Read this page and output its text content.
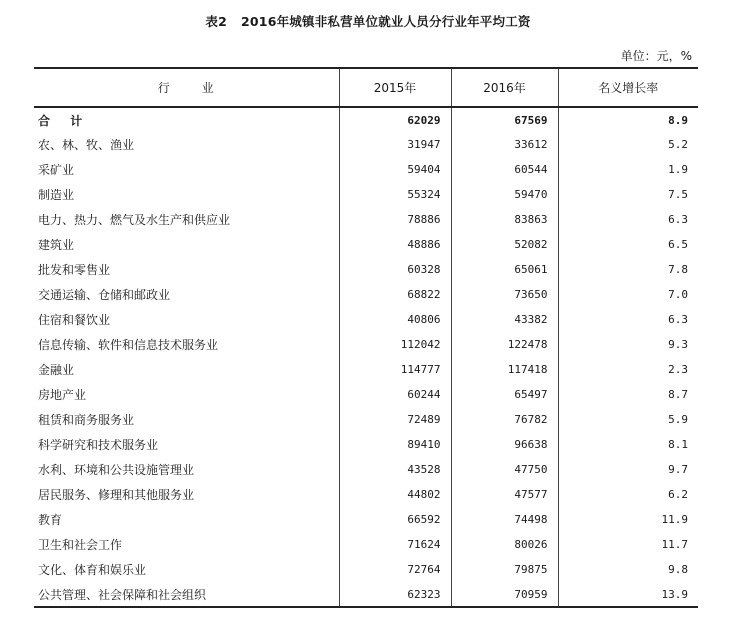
表2 2016年城镇非私营单位就业人员分行业年平均工资
单位：元，%
行 业	2015年	2016年	名义增长率
合 计	62029	67569	8.9
农、林、牧、渔业	31947	33612	5.2
采矿业	59404	60544	1.9
制造业	55324	59470	7.5
电力、热力、燃气及水生产和供应业	78886	83863	6.3
建筑业	48886	52082	6.5
批发和零售业	60328	65061	7.8
交通运输、仓储和邮政业	68822	73650	7.0
住宿和餐饮业	40806	43382	6.3
信息传输、软件和信息技术服务业	112042	122478	9.3
金融业	114777	117418	2.3
房地产业	60244	65497	8.7
租赁和商务服务业	72489	76782	5.9
科学研究和技术服务业	89410	96638	8.1
水利、环境和公共设施管理业	43528	47750	9.7
居民服务、修理和其他服务业	44802	47577	6.2
教育	66592	74498	11.9
卫生和社会工作	71624	80026	11.7
文化、体育和娱乐业	72764	79875	9.8
公共管理、社会保障和社会组织	62323	70959	13.9
